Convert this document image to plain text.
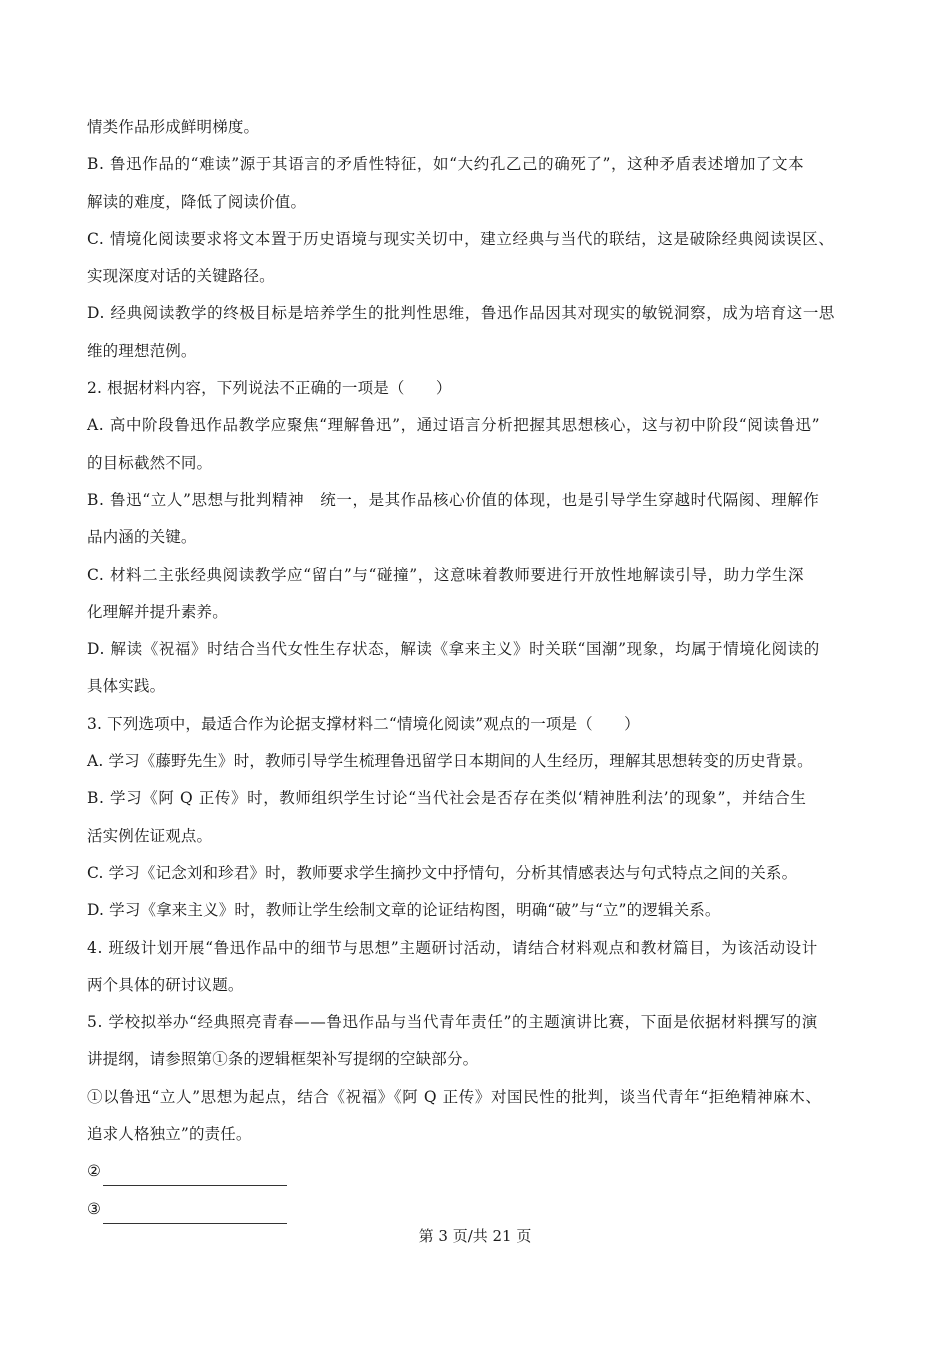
情类作品形成鲜明梯度。
B. 鲁迅作品的“难读”源于其语言的矛盾性特征，如“大约孔乙己的确死了”，这种矛盾表述增加了文本
解读的难度，降低了阅读价值。
C. 情境化阅读要求将文本置于历史语境与现实关切中，建立经典与当代的联结，这是破除经典阅读误区、
实现深度对话的关键路径。
D. 经典阅读教学的终极目标是培养学生的批判性思维，鲁迅作品因其对现实的敏锐洞察，成为培育这一思
维的理想范例。
2. 根据材料内容，下列说法不正确的一项是（　　）
A. 高中阶段鲁迅作品教学应聚焦“理解鲁迅”，通过语言分析把握其思想核心，这与初中阶段“阅读鲁迅”
的目标截然不同。
B. 鲁迅“立人”思想与批判精神　统一，是其作品核心价值的体现，也是引导学生穿越时代隔阂、理解作
品内涵的关键。
C. 材料二主张经典阅读教学应“留白”与“碰撞”，这意味着教师要进行开放性地解读引导，助力学生深
化理解并提升素养。
D. 解读《祝福》时结合当代女性生存状态，解读《拿来主义》时关联“国潮”现象，均属于情境化阅读的
具体实践。
3. 下列选项中，最适合作为论据支撑材料二“情境化阅读”观点的一项是（　　）
A. 学习《藤野先生》时，教师引导学生梳理鲁迅留学日本期间的人生经历，理解其思想转变的历史背景。
B. 学习《阿 Q 正传》时，教师组织学生讨论“当代社会是否存在类似‘精神胜利法’的现象”，并结合生
活实例佐证观点。
C. 学习《记念刘和珍君》时，教师要求学生摘抄文中抒情句，分析其情感表达与句式特点之间的关系。
D. 学习《拿来主义》时，教师让学生绘制文章的论证结构图，明确“破”与“立”的逻辑关系。
4. 班级计划开展“鲁迅作品中的细节与思想”主题研讨活动，请结合材料观点和教材篇目，为该活动设计
两个具体的研讨议题。
5. 学校拟举办“经典照亮青春——鲁迅作品与当代青年责任”的主题演讲比赛，下面是依据材料撰写的演
讲提纲，请参照第①条的逻辑框架补写提纲的空缺部分。
①以鲁迅“立人”思想为起点，结合《祝福》《阿 Q 正传》对国民性的批判，谈当代青年“拒绝精神麻木、
追求人格独立”的责任。
②
③
第 3 页/共 21 页
